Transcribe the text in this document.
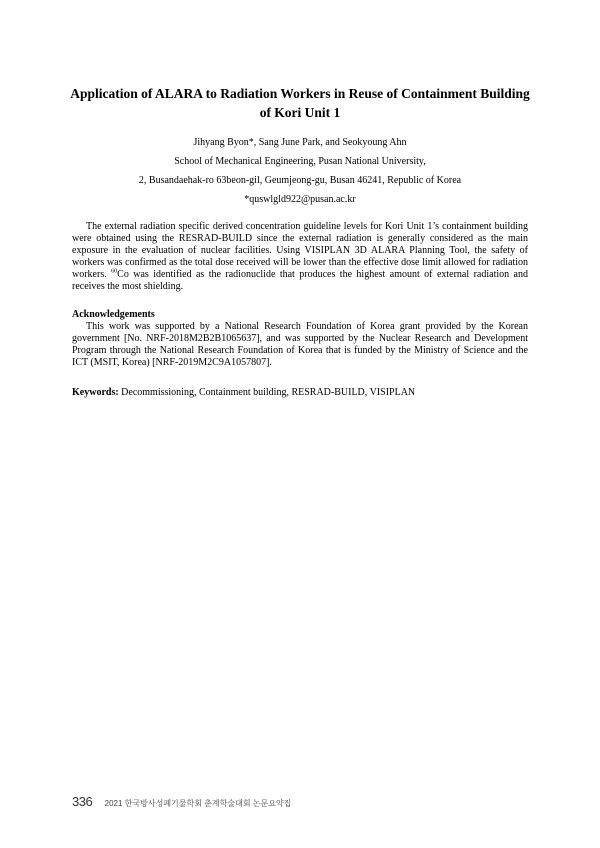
Application of ALARA to Radiation Workers in Reuse of Containment Building of Kori Unit 1
Jihyang Byon*, Sang June Park, and Seokyoung Ahn
School of Mechanical Engineering, Pusan National University,
2, Busandaehak-ro 63beon-gil, Geumjeong-gu, Busan 46241, Republic of Korea
*quswlgld922@pusan.ac.kr
The external radiation specific derived concentration guideline levels for Kori Unit 1’s containment building were obtained using the RESRAD-BUILD since the external radiation is generally considered as the main exposure in the evaluation of nuclear facilities. Using VISIPLAN 3D ALARA Planning Tool, the safety of workers was confirmed as the total dose received will be lower than the effective dose limit allowed for radiation workers. $^{60}$Co was identified as the radionuclide that produces the highest amount of external radiation and receives the most shielding.
Acknowledgements
This work was supported by a National Research Foundation of Korea grant provided by the Korean government [No. NRF-2018M2B2B1065637], and was supported by the Nuclear Research and Development Program through the National Research Foundation of Korea that is funded by the Ministry of Science and the ICT (MSIT, Korea) [NRF-2019M2C9A1057807].
Keywords: Decommissioning, Containment building, RESRAD-BUILD, VISIPLAN
336 2021 한국방사성폐기물학회 춘계학술대회 논문요약집
